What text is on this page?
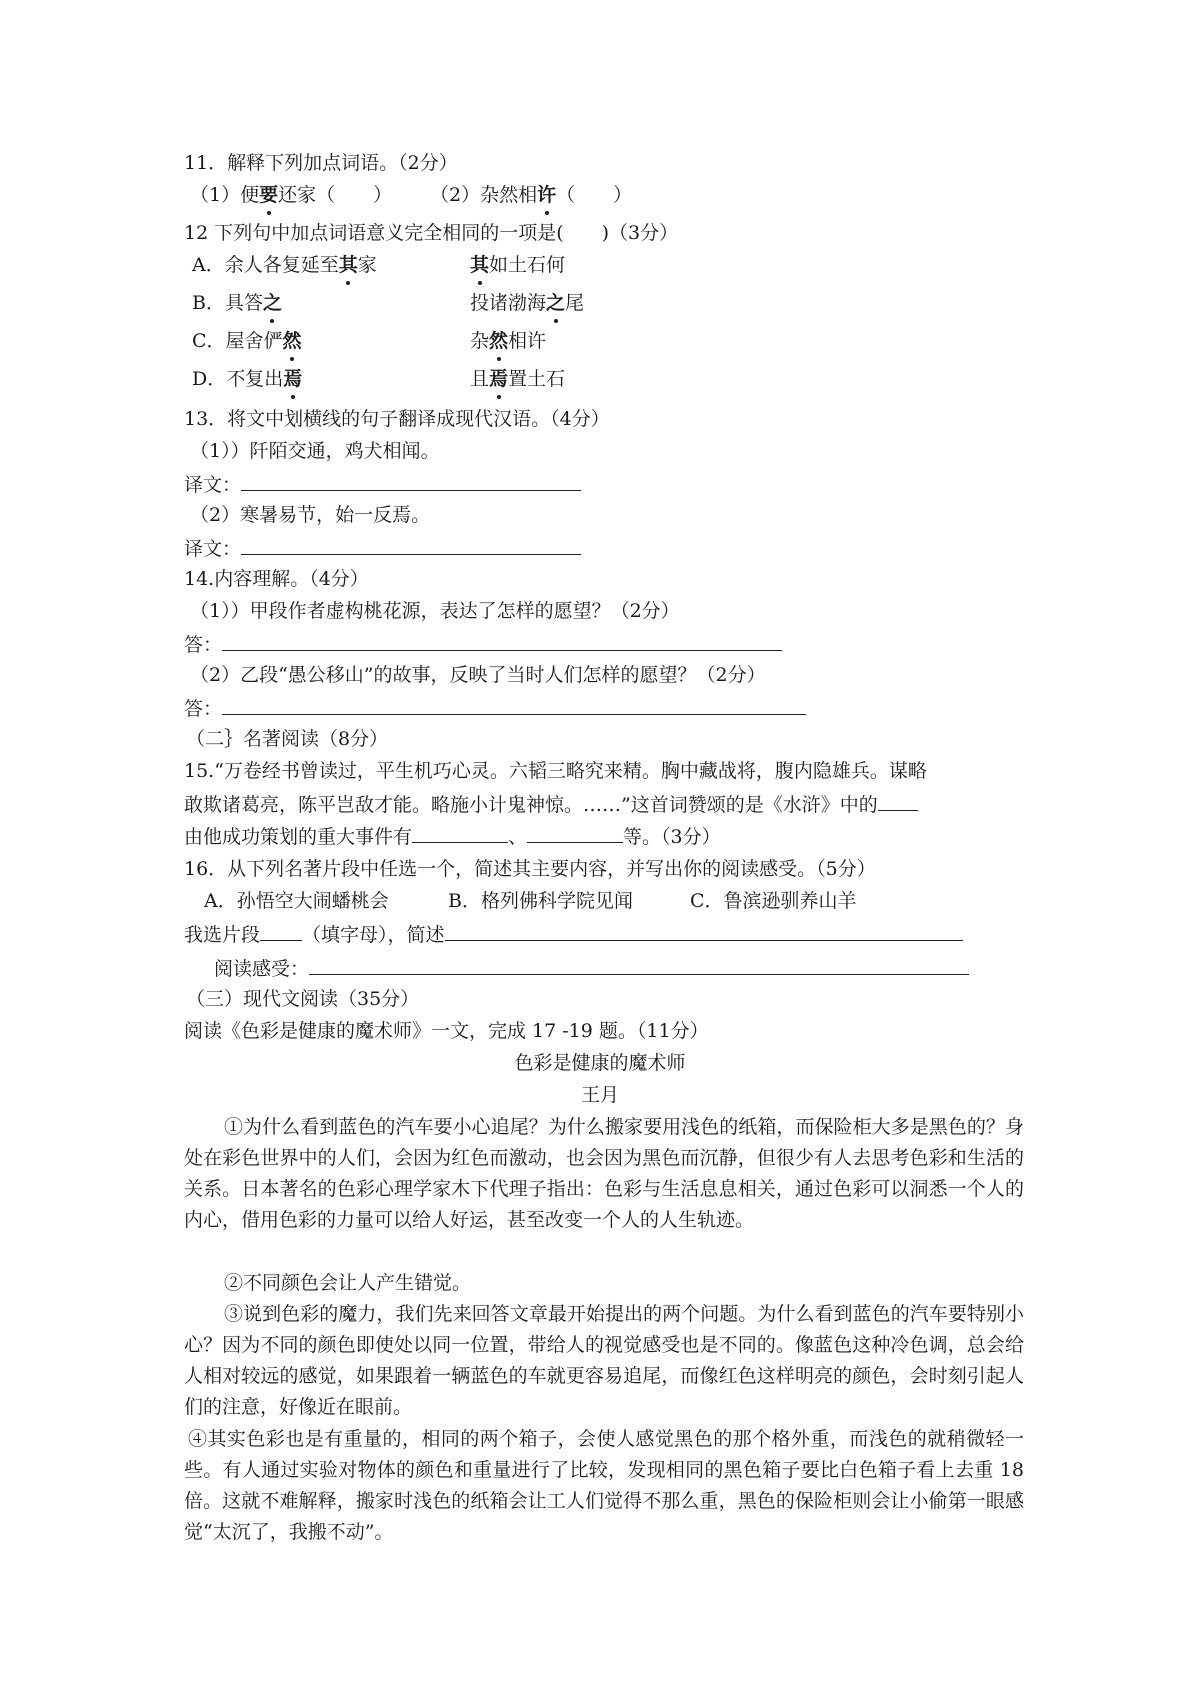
11．解释下列加点词语。（2分）
（1）便要还家（　　） （2）杂然相许（　　）
12 下列句中加点词语意义完全相同的一项是(　　)（3分）
A．余人各复延至其家	其如土石何
B．具答之	投诸渤海之尾
C．屋舍俨然	杂然相许
D．不复出焉	且焉置土石
13．将文中划横线的句子翻译成现代汉语。（4分）
（1））阡陌交通，鸡犬相闻。
译文：
（2）寒暑易节，始一反焉。
译文：
14.内容理解。（4分）
（1））甲段作者虚构桃花源，表达了怎样的愿望？（2分）
答：
（2）乙段“愚公移山”的故事，反映了当时人们怎样的愿望？（2分）
答：
（二｝名著阅读（8分）
15.“万卷经书曾读过，平生机巧心灵。六韬三略究来精。胸中藏战将，腹内隐雄兵。谋略
敢欺诸葛亮，陈平岂敌才能。略施小计鬼神惊。……”这首词赞颂的是《水浒》中的
由他成功策划的重大事件有	、	等。（3分）
16．从下列名著片段中任选一个，简述其主要内容，并写出你的阅读感受。（5分）
A．孙悟空大闹蟠桃会	B．格列佛科学院见闻	C．鲁滨逊驯养山羊
我选片段 （填字母），简述
阅读感受：
（三）现代文阅读（35分）
阅读《色彩是健康的魔术师》一文，完成 17 -19 题。（11分）
色彩是健康的魔术师
王月
①为什么看到蓝色的汽车要小心追尾？为什么搬家要用浅色的纸箱，而保险柜大多是黑色的？身处在彩色世界中的人们，会因为红色而激动，也会因为黑色而沉静，但很少有人去思考色彩和生活的关系。日本著名的色彩心理学家木下代理子指出：色彩与生活息息相关，通过色彩可以洞悉一个人的内心，借用色彩的力量可以给人好运，甚至改变一个人的人生轨迹。
②不同颜色会让人产生错觉。
③说到色彩的魔力，我们先来回答文章最开始提出的两个问题。为什么看到蓝色的汽车要特别小心？因为不同的颜色即使处以同一位置，带给人的视觉感受也是不同的。像蓝色这种冷色调，总会给人相对较远的感觉，如果跟着一辆蓝色的车就更容易追尾，而像红色这样明亮的颜色，会时刻引起人们的注意，好像近在眼前。
④其实色彩也是有重量的，相同的两个箱子，会使人感觉黑色的那个格外重，而浅色的就稍微轻一些。有人通过实验对物体的颜色和重量进行了比较，发现相同的黑色箱子要比白色箱子看上去重 18 倍。这就不难解释，搬家时浅色的纸箱会让工人们觉得不那么重，黑色的保险柜则会让小偷第一眼感觉“太沉了，我搬不动”。
